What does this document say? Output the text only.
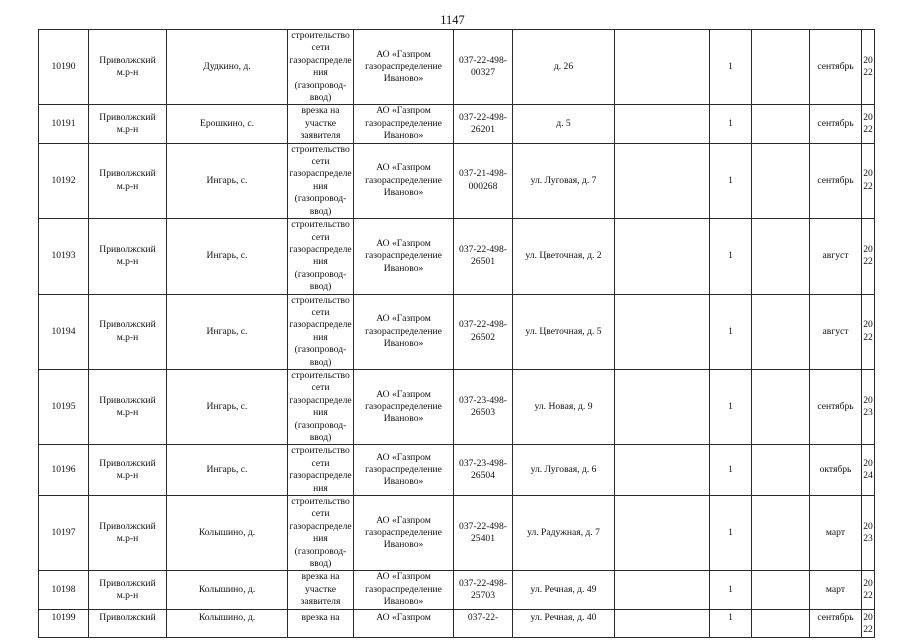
1147
10190	Приволжский м.р-н	Дудкино, д.	строительство сети газораспределения (газопровод-ввод)	АО «Газпром газораспределение Иваново»	037-22-498-00327	д. 26		1		сентябрь	2022
10191	Приволжский м.р-н	Ерошкино, с.	врезка на участке заявителя	АО «Газпром газораспределение Иваново»	037-22-498-26201	д. 5		1		сентябрь	2022
10192	Приволжский м.р-н	Ингарь, с.	строительство сети газораспределения (газопровод-ввод)	АО «Газпром газораспределение Иваново»	037-21-498-000268	ул. Луговая, д. 7		1		сентябрь	2022
10193	Приволжский м.р-н	Ингарь, с.	строительство сети газораспределения (газопровод-ввод)	АО «Газпром газораспределение Иваново»	037-22-498-26501	ул. Цветочная, д. 2		1		август	2022
10194	Приволжский м.р-н	Ингарь, с.	строительство сети газораспределения (газопровод-ввод)	АО «Газпром газораспределение Иваново»	037-22-498-26502	ул. Цветочная, д. 5		1		август	2022
10195	Приволжский м.р-н	Ингарь, с.	строительство сети газораспределения (газопровод-ввод)	АО «Газпром газораспределение Иваново»	037-23-498-26503	ул. Новая, д. 9		1		сентябрь	2023
10196	Приволжский м.р-н	Ингарь, с.	строительство сети газораспределения	АО «Газпром газораспределение Иваново»	037-23-498-26504	ул. Луговая, д. 6		1		октябрь	2024
10197	Приволжский м.р-н	Колышино, д.	строительство сети газораспределения (газопровод-ввод)	АО «Газпром газораспределение Иваново»	037-22-498-25401	ул. Радужная, д. 7		1		март	2023
10198	Приволжский м.р-н	Колышино, д.	врезка на участке заявителя	АО «Газпром газораспределение Иваново»	037-22-498-25703	ул. Речная, д. 49		1		март	2022
10199	Приволжский	Колышино, д.	врезка на	АО «Газпром	037-22-	ул. Речная, д. 40		1		сентябрь	2022
